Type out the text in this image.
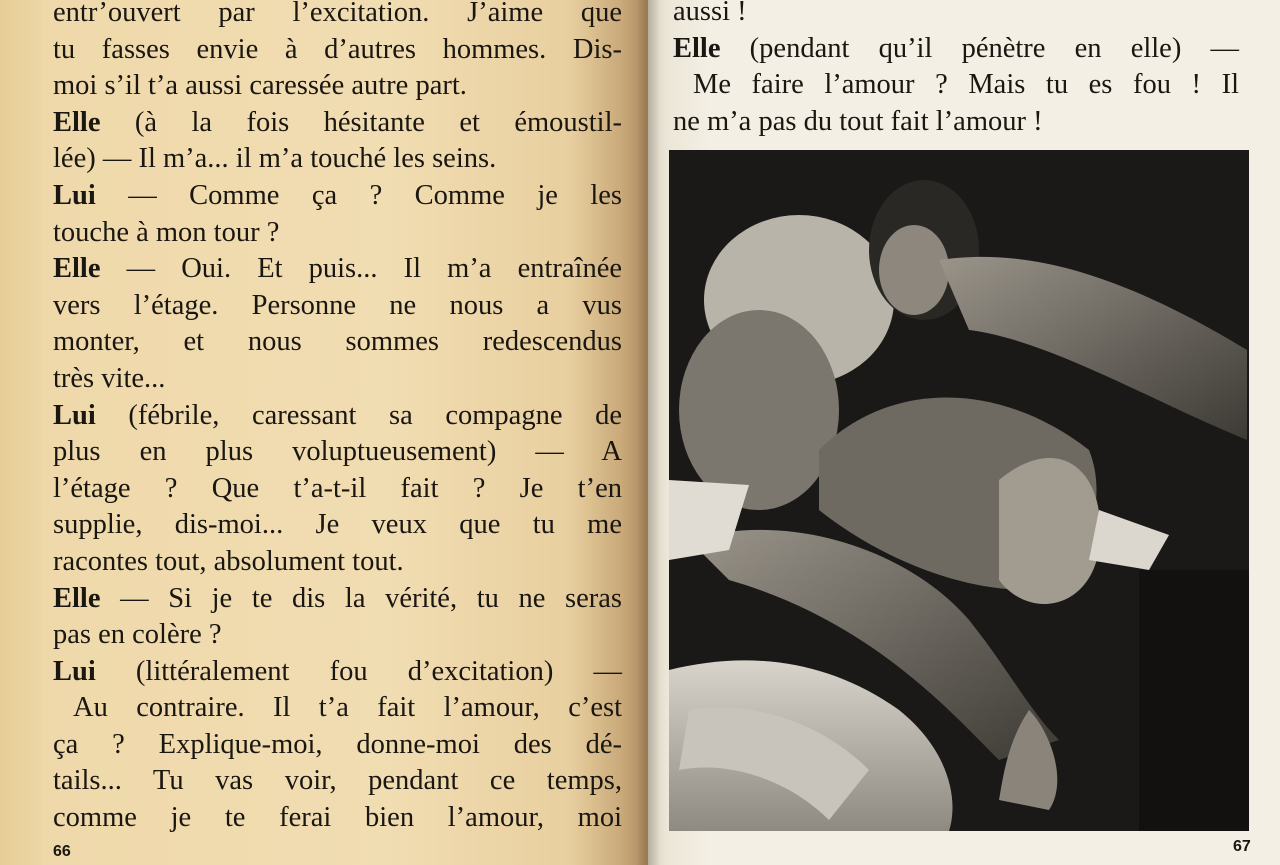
entr’ouvert par l’excitation. J’aime que
tu fasses envie à d’autres hommes. Dis-
moi s’il t’a aussi caressée autre part.
Elle (à la fois hésitante et émoustil-
lée) — Il m’a... il m’a touché les seins.
Lui — Comme ça ? Comme je les
touche à mon tour ?
Elle — Oui. Et puis... Il m’a entraînée
vers l’étage. Personne ne nous a vus
monter, et nous sommes redescendus
très vite...
Lui (fébrile, caressant sa compagne de
plus en plus voluptueusement) — A
l’étage ? Que t’a-t-il fait ? Je t’en
supplie, dis-moi... Je veux que tu me
racontes tout, absolument tout.
Elle — Si je te dis la vérité, tu ne seras
pas en colère ?
Lui (littéralement fou d’excitation) —
Au contraire. Il t’a fait l’amour, c’est
ça ? Explique-moi, donne-moi des dé-
tails... Tu vas voir, pendant ce temps,
comme je te ferai bien l’amour, moi
66
aussi !
Elle (pendant qu’il pénètre en elle) —
Me faire l’amour ? Mais tu es fou ! Il
ne m’a pas du tout fait l’amour !
67
